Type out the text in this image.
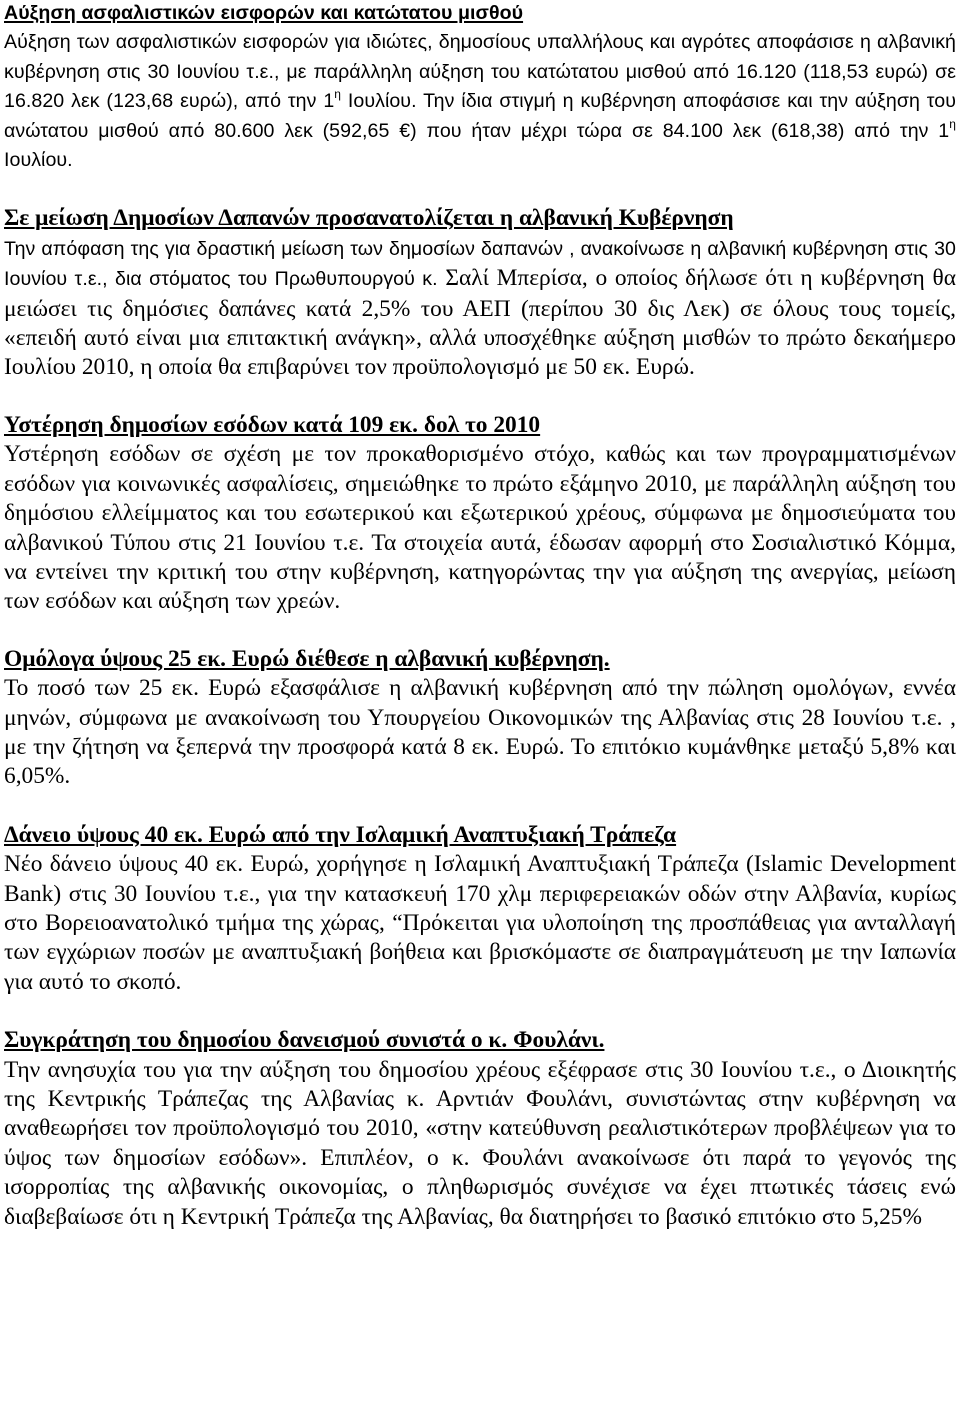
Αύξηση ασφαλιστικών εισφορών και κατώτατου μισθού

Αύξηση των ασφαλιστικών εισφορών για ιδιώτες, δημοσίους υπαλλήλους και αγρότες αποφάσισε η αλβανική κυβέρνηση στις 30 Ιουνίου τ.ε., με παράλληλη αύξηση του κατώτατου μισθού από 16.120 (118,53 ευρώ) σε 16.820 λεκ (123,68 ευρώ), από την $1^\eta$ Ιουλίου. Την ίδια στιγμή η κυβέρνηση αποφάσισε και την αύξηση του ανώτατου μισθού από 80.600 λεκ (592,65 €) που ήταν μέχρι τώρα σε 84.100 λεκ (618,38) από την $1^\eta$ Ιουλίου.

Σε μείωση Δημοσίων Δαπανών προσανατολίζεται η αλβανική Κυβέρνηση

Την απόφαση της για δραστική μείωση των δημοσίων δαπανών , ανακοίνωσε η αλβανική κυβέρνηση στις 30 Ιουνίου τ.ε., δια στόματος του Πρωθυπουργού κ. Σαλί Μπερίσα, ο οποίος δήλωσε ότι η κυβέρνηση θα μειώσει τις δημόσιες δαπάνες κατά 2,5% του ΑΕΠ (περίπου 30 δις Λεκ) σε όλους τους τομείς, «επειδή αυτό είναι μια επιτακτική ανάγκη», αλλά υποσχέθηκε αύξηση μισθών το πρώτο δεκαήμερο Ιουλίου 2010, η οποία θα επιβαρύνει τον προϋπολογισμό με 50 εκ. Ευρώ.

Υστέρηση δημοσίων εσόδων κατά 109 εκ. δολ το 2010

Υστέρηση εσόδων σε σχέση με τον προκαθορισμένο στόχο, καθώς και των προγραμματισμένων εσόδων για κοινωνικές ασφαλίσεις, σημειώθηκε το πρώτο εξάμηνο 2010, με παράλληλη αύξηση του δημόσιου ελλείμματος και του εσωτερικού και εξωτερικού χρέους, σύμφωνα με δημοσιεύματα του αλβανικού Τύπου στις 21 Ιουνίου τ.ε. Τα στοιχεία αυτά, έδωσαν αφορμή στο Σοσιαλιστικό Κόμμα, να εντείνει την κριτική του στην κυβέρνηση, κατηγορώντας την για αύξηση της ανεργίας, μείωση των εσόδων και αύξηση των χρεών.

Ομόλογα ύψους 25 εκ. Ευρώ διέθεσε η αλβανική κυβέρνηση.

Το ποσό των 25 εκ. Ευρώ εξασφάλισε η αλβανική κυβέρνηση από την πώληση ομολόγων, εννέα μηνών, σύμφωνα με ανακοίνωση του Υπουργείου Οικονομικών της Αλβανίας στις 28 Ιουνίου τ.ε. , με την ζήτηση να ξεπερνά την προσφορά κατά 8 εκ. Ευρώ. Το επιτόκιο κυμάνθηκε μεταξύ 5,8% και 6,05%.

Δάνειο ύψους 40 εκ. Ευρώ από την Ισλαμική Αναπτυξιακή Τράπεζα

Νέο δάνειο ύψους 40 εκ. Ευρώ, χορήγησε η Ισλαμική Αναπτυξιακή Τράπεζα (Islamic Development Bank) στις 30 Ιουνίου τ.ε., για την κατασκευή 170 χλμ περιφερειακών οδών στην Αλβανία, κυρίως στο Βορειοανατολικό τμήμα της χώρας, “Πρόκειται για υλοποίηση της προσπάθειας για ανταλλαγή των εγχώριων ποσών με αναπτυξιακή βοήθεια και βρισκόμαστε σε διαπραγμάτευση με την Ιαπωνία για αυτό το σκοπό.

Συγκράτηση του δημοσίου δανεισμού συνιστά ο κ. Φουλάνι.

Την ανησυχία του για την αύξηση του δημοσίου χρέους εξέφρασε στις 30 Ιουνίου τ.ε., ο Διοικητής της Κεντρικής Τράπεζας της Αλβανίας κ. Αρντιάν Φουλάνι, συνιστώντας στην κυβέρνηση να αναθεωρήσει τον προϋπολογισμό του 2010, «στην κατεύθυνση ρεαλιστικότερων προβλέψεων για το ύψος των δημοσίων εσόδων». Επιπλέον, ο κ. Φουλάνι ανακοίνωσε ότι παρά το γεγονός της ισορροπίας της αλβανικής οικονομίας, ο πληθωρισμός συνέχισε να έχει πτωτικές τάσεις ενώ διαβεβαίωσε ότι η Κεντρική Τράπεζα της Αλβανίας, θα διατηρήσει το βασικό επιτόκιο στο 5,25%
